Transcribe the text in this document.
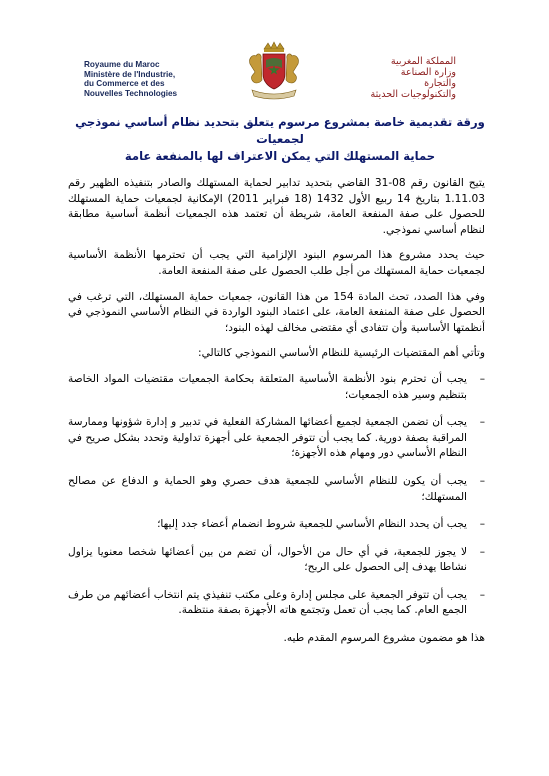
Royaume du Maroc
Ministère de l'Industrie,
du Commerce et des
Nouvelles Technologies
المملكة المغربية
وزارة الصناعة
والتجارة
والتكنولوجيات الحديثة
ورقة تقديمية خاصة بمشروع مرسوم يتعلق بتحديد نظام أساسي نموذجي لجمعيات
حماية المستهلك التي يمكن الاعتراف لها بالمنفعة عامة

يتيح القانون رقم 08-31 القاضي بتحديد تدابير لحماية المستهلك والصادر بتنفيذه الظهير رقم 1.11.03 بتاريخ 14 ربيع الأول 1432 (18 فبراير 2011) الإمكانية لجمعيات حماية المستهلك للحصول على صفة المنفعة العامة، شريطة أن تعتمد هذه الجمعيات أنظمة أساسية مطابقة لنظام أساسي نموذجي.

حيث يحدد مشروع هذا المرسوم البنود الإلزامية التي يجب أن تحترمها الأنظمة الأساسية لجمعيات حماية المستهلك من أجل طلب الحصول على صفة المنفعة العامة.

وفي هذا الصدد، تحث المادة 154 من هذا القانون، جمعيات حماية المستهلك، التي ترغب في الحصول على صفة المنفعة العامة، على اعتماد البنود الواردة في النظام الأساسي النموذجي في أنظمتها الأساسية وأن تتفادى أي مقتضى مخالف لهذه البنود؛

وتأتي أهم المقتضيات الرئيسية للنظام الأساسي النموذجي كالتالي:

–
يجب أن تحترم بنود الأنظمة الأساسية المتعلقة بحكامة الجمعيات مقتضيات المواد الخاصة بتنظيم وسير هذه الجمعيات؛
–
يجب أن تضمن الجمعية لجميع أعضائها المشاركة الفعلية في تدبير و إدارة شؤونها وممارسة المراقبة بصفة دورية. كما يجب أن تتوفر الجمعية على أجهزة تداولية وتحدد بشكل صريح في النظام الأساسي دور ومهام هذه الأجهزة؛
–
يجب أن يكون للنظام الأساسي للجمعية هدف حصري وهو الحماية و الدفاع عن مصالح المستهلك؛
–
يجب أن يحدد النظام الأساسي للجمعية شروط انضمام أعضاء جدد إليها؛
–
لا يجوز للجمعية، في أي حال من الأحوال، أن تضم من بين أعضائها شخصا معنويا يزاول نشاطا يهدف إلى الحصول على الربح؛
–
يجب أن تتوفر الجمعية على مجلس إدارة وعلى مكتب تنفيذي يتم انتخاب أعضائهم من طرف الجمع العام. كما يجب أن تعمل وتجتمع هاته الأجهزة بصفة منتظمة.

هذا هو مضمون مشروع المرسوم المقدم طيه.
